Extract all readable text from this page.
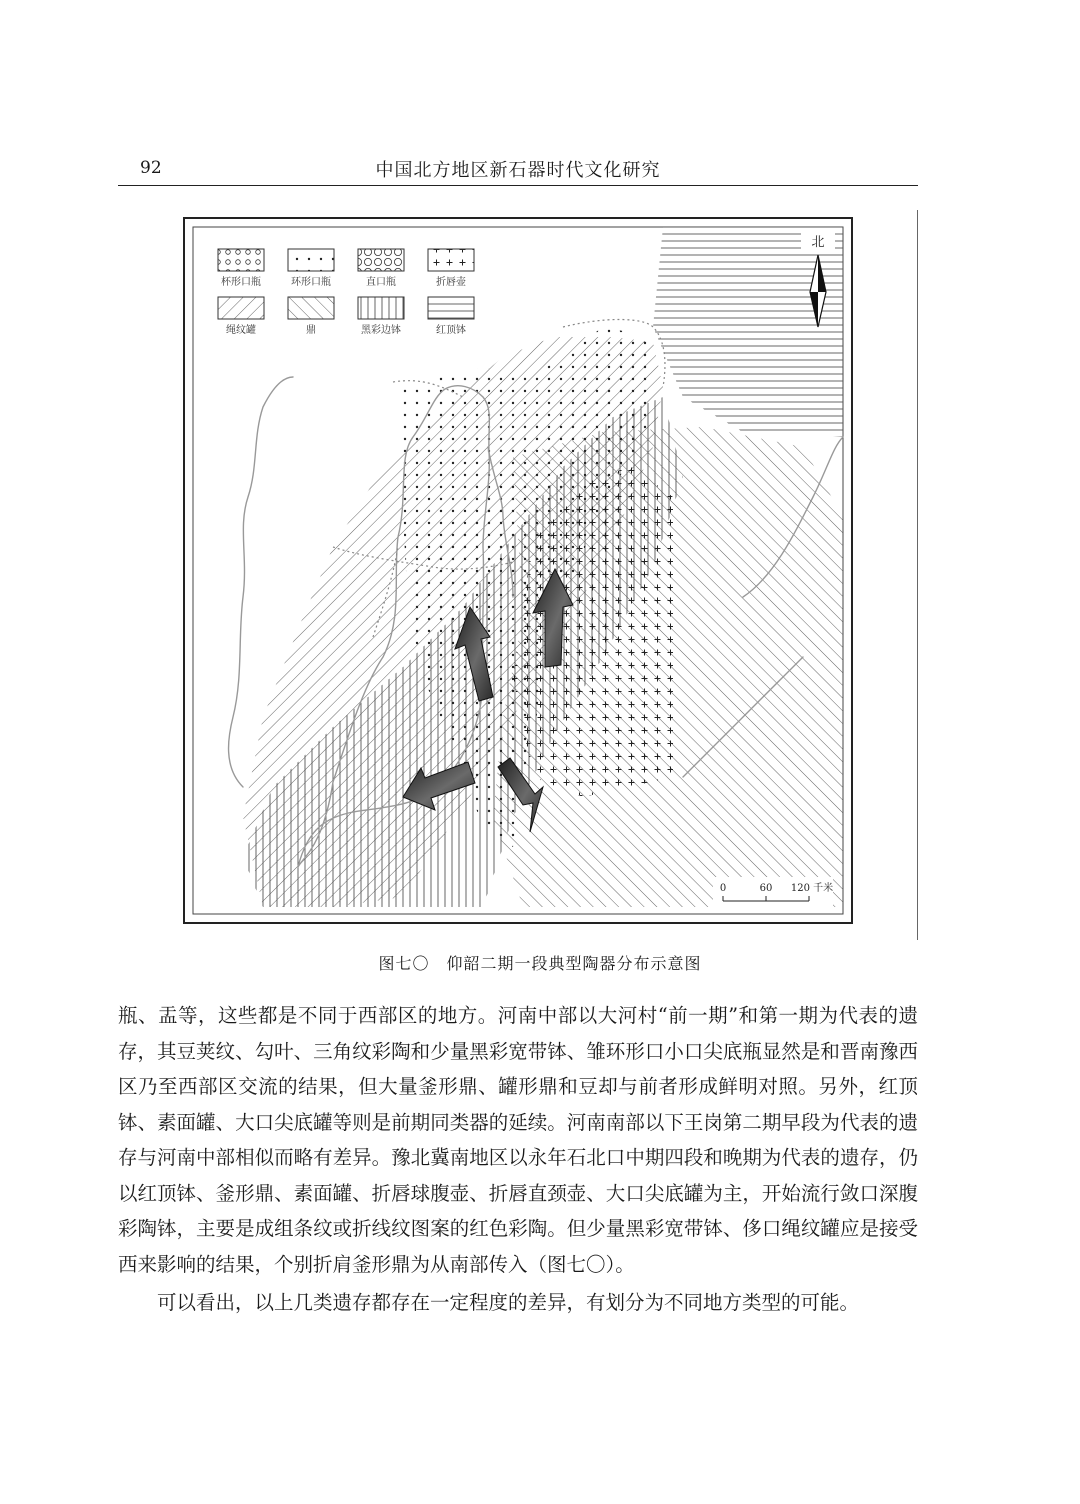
92	中国北方地区新石器时代文化研究
杯形口瓶	环形口瓶	直口瓶	折唇壶
绳纹罐	鼎	黑彩边钵	红顶钵
北
0	60 120 千米
图七〇　仰韶二期一段典型陶器分布示意图

瓶、盂等，这些都是不同于西部区的地方。河南中部以大河村“前一期”和第一期为代表的遗存，其豆荚纹、勾叶、三角纹彩陶和少量黑彩宽带钵、雏环形口小口尖底瓶显然是和晋南豫西区乃至西部区交流的结果，但大量釜形鼎、罐形鼎和豆却与前者形成鲜明对照。另外，红顶钵、素面罐、大口尖底罐等则是前期同类器的延续。河南南部以下王岗第二期早段为代表的遗存与河南中部相似而略有差异。豫北冀南地区以永年石北口中期四段和晚期为代表的遗存，仍以红顶钵、釜形鼎、素面罐、折唇球腹壶、折唇直颈壶、大口尖底罐为主，开始流行敛口深腹彩陶钵，主要是成组条纹或折线纹图案的红色彩陶。但少量黑彩宽带钵、侈口绳纹罐应是接受西来影响的结果，个别折肩釜形鼎为从南部传入（图七〇）。

可以看出，以上几类遗存都存在一定程度的差异，有划分为不同地方类型的可能。
